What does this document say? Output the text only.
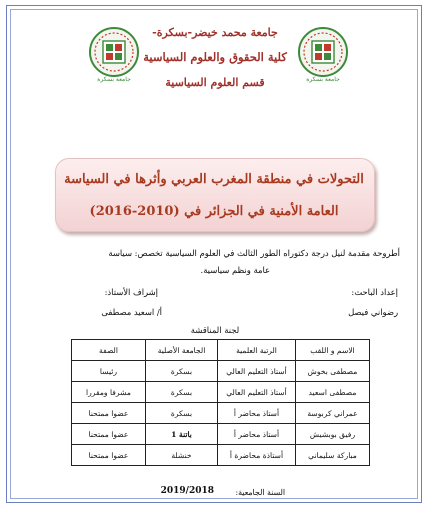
جامعة بسكرة	جامعة بسكرة
جامعة محمد خيضر-بسكرة-
كلية الحقوق والعلوم السياسية
قسم العلوم السياسية
التحولات في منطقة المغرب العربي وأثرها في السياسة
العامة الأمنية في الجزائر في (2010-2016)
أطروحة مقدمة لنيل درجة دكتوراه الطور الثالث في العلوم السياسية تخصص: سياسة
عامة ونظم سياسية.
إعداد الباحث:
إشراف الأستاذ:
رضواني فيصل
أ/ اسعيد مصطفى
لجنة المناقشة
الاسم و اللقب	الرتبة العلمية	الجامعة الأصلية	الصفة
مصطفى بخوش	أستاذ التعليم العالي	بسكرة	رئيسا
مصطفى اسعيد	أستاذ التعليم العالي	بسكرة	مشرفا ومقررا
عمراني كربوسة	أستاذ محاضر أ	بسكرة	عضوا ممتحنا
رفيق بوبشيش	أستاذ محاضر أ	باتنة 1	عضوا ممتحنا
مباركة سليماني	أستاذة محاضرة أ	خنشلة	عضوا ممتحنا
السنة الجامعية:
2019/2018
